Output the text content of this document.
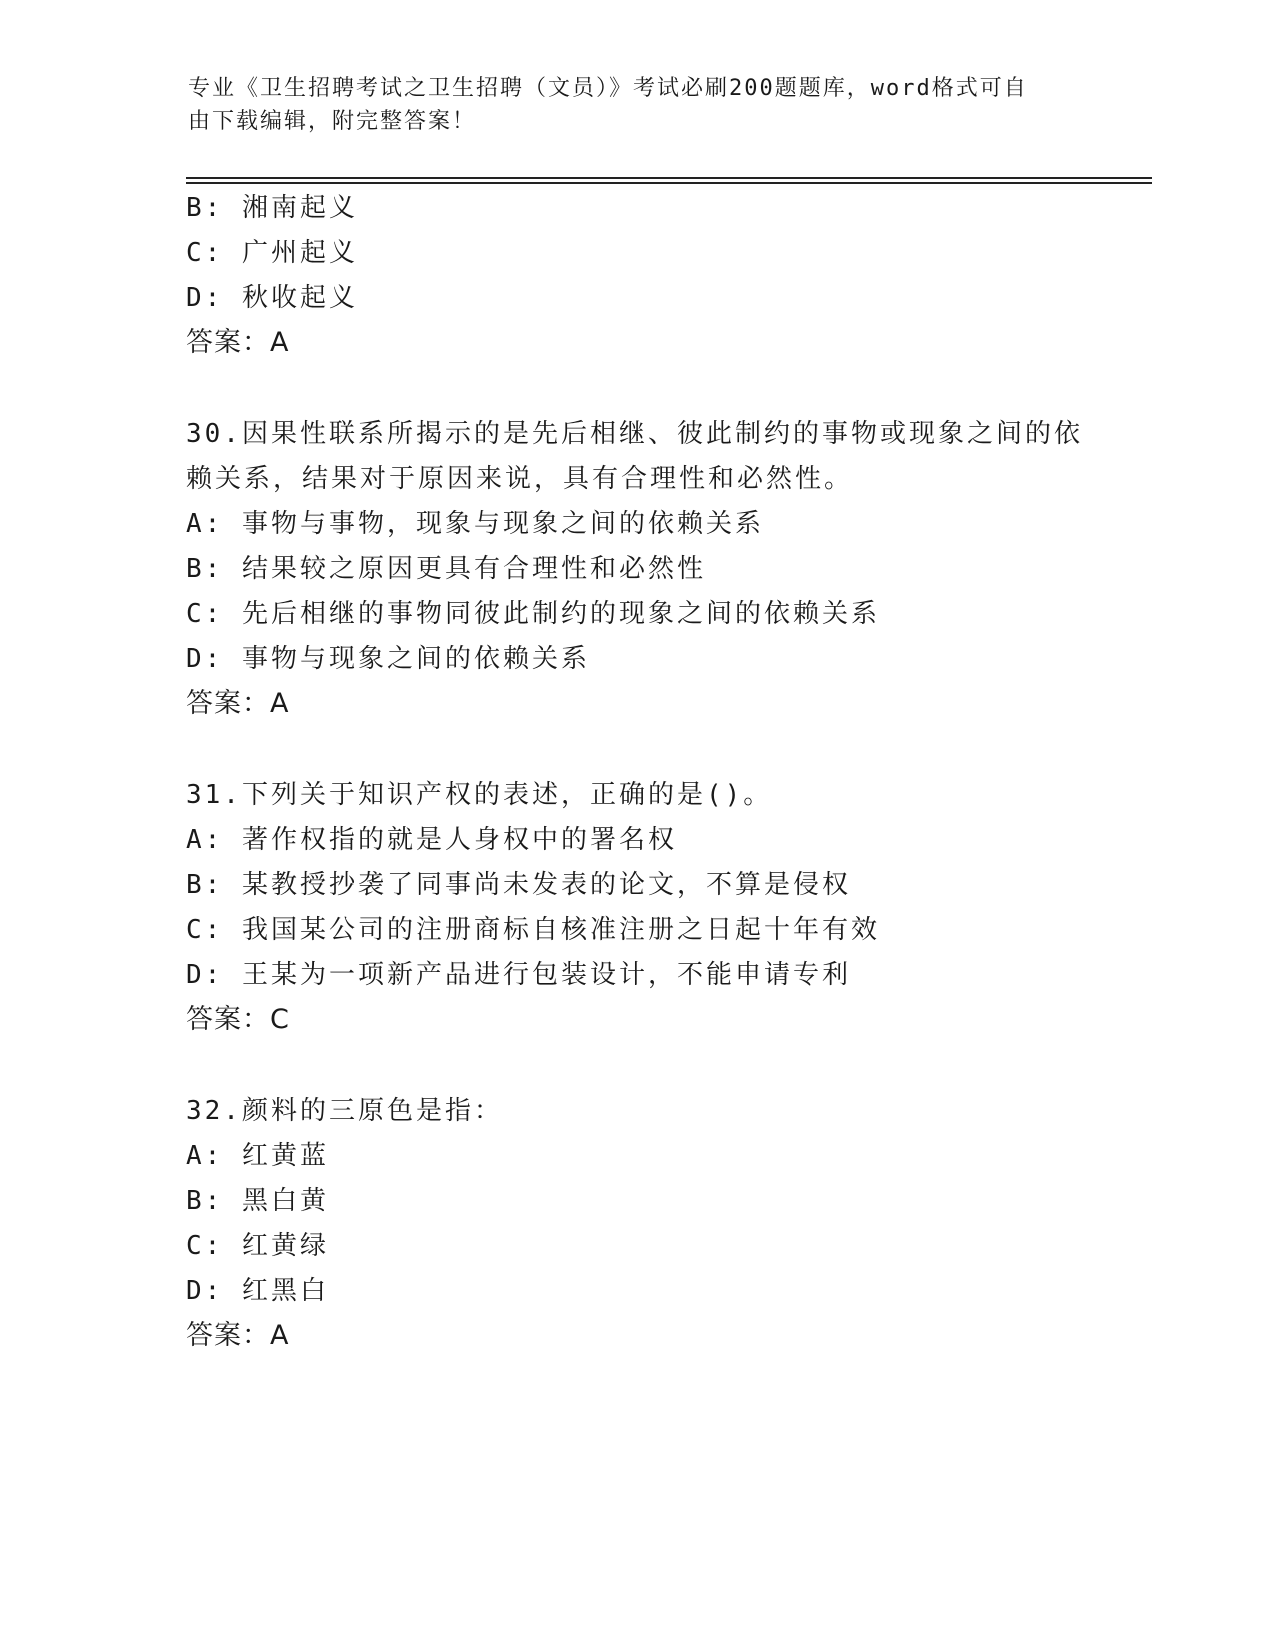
专业《卫生招聘考试之卫生招聘（文员）》考试必刷200题题库，word格式可自
由下载编辑，附完整答案！
B: 湘南起义
C: 广州起义
D: 秋收起义
答案：A
30.因果性联系所揭示的是先后相继、彼此制约的事物或现象之间的依
赖关系，结果对于原因来说，具有合理性和必然性。
A: 事物与事物，现象与现象之间的依赖关系
B: 结果较之原因更具有合理性和必然性
C: 先后相继的事物同彼此制约的现象之间的依赖关系
D: 事物与现象之间的依赖关系
答案：A
31.下列关于知识产权的表述，正确的是()。
A: 著作权指的就是人身权中的署名权
B: 某教授抄袭了同事尚未发表的论文，不算是侵权
C: 我国某公司的注册商标自核准注册之日起十年有效
D: 王某为一项新产品进行包装设计，不能申请专利
答案：C
32.颜料的三原色是指：
A: 红黄蓝
B: 黑白黄
C: 红黄绿
D: 红黑白
答案：A
